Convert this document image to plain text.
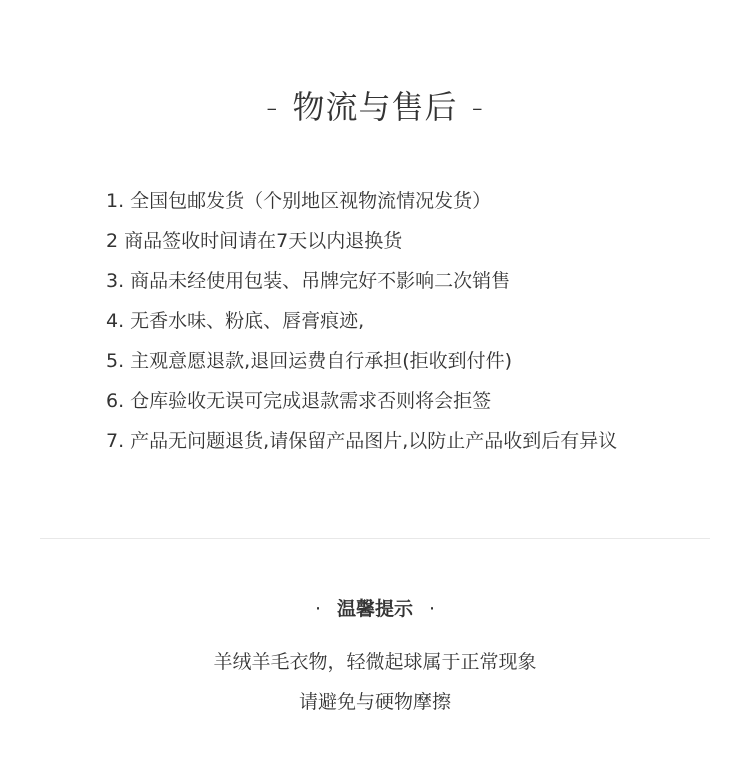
- 物流与售后 -
1. 全国包邮发货（个别地区视物流情况发货）
2 商品签收时间请在7天以内退换货
3. 商品未经使用包装、吊牌完好不影响二次销售
4. 无香水味、粉底、唇膏痕迹,
5. 主观意愿退款,退回运费自行承担(拒收到付件)
6. 仓库验收无误可完成退款需求否则将会拒签
7. 产品无问题退货,请保留产品图片,以防止产品收到后有异议
· 温馨提示 ·
羊绒羊毛衣物，轻微起球属于正常现象
请避免与硬物摩擦
